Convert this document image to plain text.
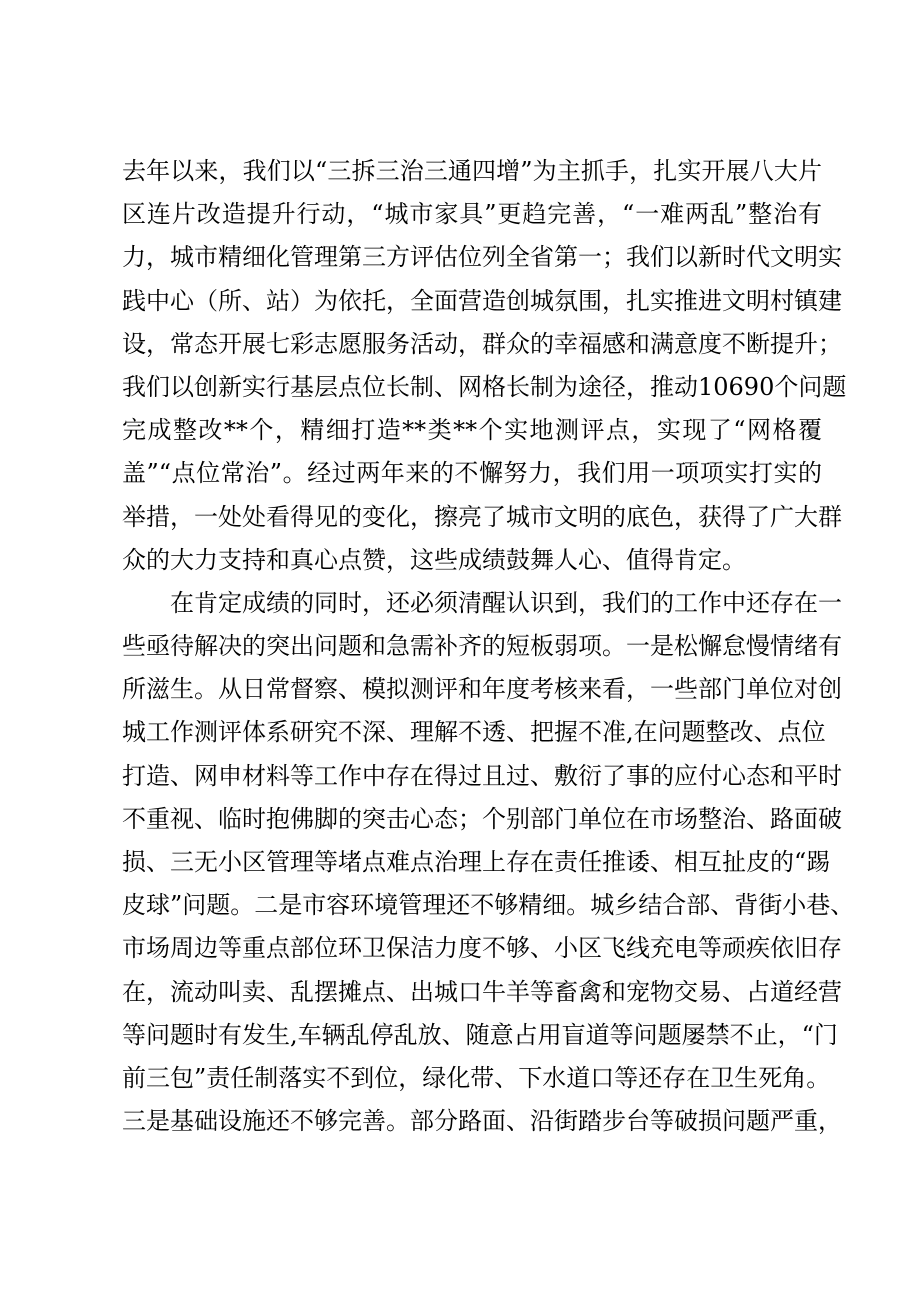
去年以来，我们以“三拆三治三通四增”为主抓手，扎实开展八大片
区连片改造提升行动，“城市家具”更趋完善，“一难两乱”整治有
力，城市精细化管理第三方评估位列全省第一；我们以新时代文明实
践中心（所、站）为依托，全面营造创城氛围，扎实推进文明村镇建
设，常态开展七彩志愿服务活动，群众的幸福感和满意度不断提升；
我们以创新实行基层点位长制、网格长制为途径，推动10690个问题
完成整改**个，精细打造**类**个实地测评点，实现了“网格覆
盖”“点位常治”。经过两年来的不懈努力，我们用一项项实打实的
举措，一处处看得见的变化，擦亮了城市文明的底色，获得了广大群
众的大力支持和真心点赞，这些成绩鼓舞人心、值得肯定。
　　在肯定成绩的同时，还必须清醒认识到，我们的工作中还存在一
些亟待解决的突出问题和急需补齐的短板弱项。一是松懈怠慢情绪有
所滋生。从日常督察、模拟测评和年度考核来看，一些部门单位对创
城工作测评体系研究不深、理解不透、把握不准,在问题整改、点位
打造、网申材料等工作中存在得过且过、敷衍了事的应付心态和平时
不重视、临时抱佛脚的突击心态；个别部门单位在市场整治、路面破
损、三无小区管理等堵点难点治理上存在责任推诿、相互扯皮的“踢
皮球”问题。二是市容环境管理还不够精细。城乡结合部、背街小巷、
市场周边等重点部位环卫保洁力度不够、小区飞线充电等顽疾依旧存
在，流动叫卖、乱摆摊点、出城口牛羊等畜禽和宠物交易、占道经营
等问题时有发生,车辆乱停乱放、随意占用盲道等问题屡禁不止，“门
前三包”责任制落实不到位，绿化带、下水道口等还存在卫生死角。
三是基础设施还不够完善。部分路面、沿街踏步台等破损问题严重，
